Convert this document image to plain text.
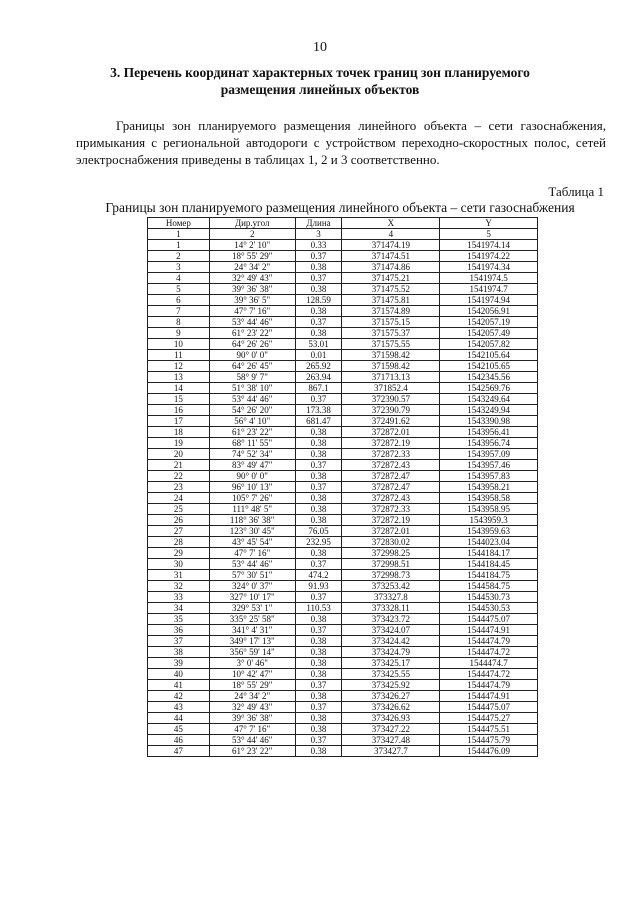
10
3. Перечень координат характерных точек границ зон планируемого
размещения линейных объектов

Границы зон планируемого размещения линейного объекта – сети газоснабжения, примыкания с региональной автодороги с устройством переходно-скоростных полос, сетей электроснабжения приведены в таблицах 1, 2 и 3 соответственно.

Таблица 1
Границы зон планируемого размещения линейного объекта – сети газоснабжения
Номер	Дир.угол	Длина	X	Y
1	2	3	4	5
1	14° 2' 10"	0.33	371474.19	1541974.14
2	18° 55' 29"	0.37	371474.51	1541974.22
3	24° 34' 2"	0.38	371474.86	1541974.34
4	32° 49' 43"	0.37	371475.21	1541974.5
5	39° 36' 38"	0.38	371475.52	1541974.7
6	39° 36' 5"	128.59	371475.81	1541974.94
7	47° 7' 16"	0.38	371574.89	1542056.91
8	53° 44' 46"	0.37	371575.15	1542057.19
9	61° 23' 22"	0.38	371575.37	1542057.49
10	64° 26' 26"	53.01	371575.55	1542057.82
11	90° 0' 0"	0.01	371598.42	1542105.64
12	64° 26' 45"	265.92	371598.42	1542105.65
13	58° 9' 7"	263.94	371713.13	1542345.56
14	51° 38' 10"	867.1	371852.4	1542569.76
15	53° 44' 46"	0.37	372390.57	1543249.64
16	54° 26' 20"	173.38	372390.79	1543249.94
17	56° 4' 10"	681.47	372491.62	1543390.98
18	61° 23' 22"	0.38	372872.01	1543956.41
19	68° 11' 55"	0.38	372872.19	1543956.74
20	74° 52' 34"	0.38	372872.33	1543957.09
21	83° 49' 47"	0.37	372872.43	1543957.46
22	90° 0' 0"	0.38	372872.47	1543957.83
23	96° 10' 13"	0.37	372872.47	1543958.21
24	105° 7' 26"	0.38	372872.43	1543958.58
25	111° 48' 5"	0.38	372872.33	1543958.95
26	118° 36' 38"	0.38	372872.19	1543959.3
27	123° 30' 45"	76.05	372872.01	1543959.63
28	43° 45' 54"	232.95	372830.02	1544023.04
29	47° 7' 16"	0.38	372998.25	1544184.17
30	53° 44' 46"	0.37	372998.51	1544184.45
31	57° 30' 51"	474.2	372998.73	1544184.75
32	324° 0' 37"	91.93	373253.42	1544584.75
33	327° 10' 17"	0.37	373327.8	1544530.73
34	329° 53' 1"	110.53	373328.11	1544530.53
35	335° 25' 58"	0.38	373423.72	1544475.07
36	341° 4' 31"	0.37	373424.07	1544474.91
37	349° 17' 13"	0.38	373424.42	1544474.79
38	356° 59' 14"	0.38	373424.79	1544474.72
39	3° 0' 46"	0.38	373425.17	1544474.7
40	10° 42' 47"	0.38	373425.55	1544474.72
41	18° 55' 29"	0.37	373425.92	1544474.79
42	24° 34' 2"	0.38	373426.27	1544474.91
43	32° 49' 43"	0.37	373426.62	1544475.07
44	39° 36' 38"	0.38	373426.93	1544475.27
45	47° 7' 16"	0.38	373427.22	1544475.51
46	53° 44' 46"	0.37	373427.48	1544475.79
47	61° 23' 22"	0.38	373427.7	1544476.09
